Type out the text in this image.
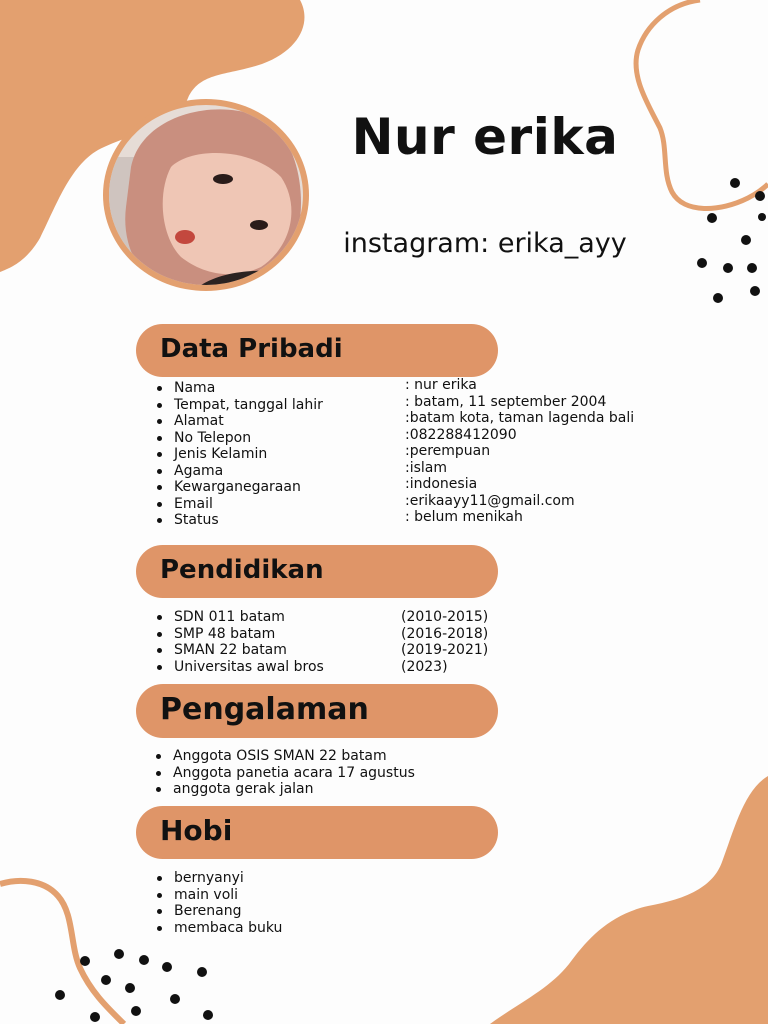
Nur erika
instagram: erika_ayy
Data Pribadi
Nama
Tempat, tanggal lahir
Alamat
No Telepon
Jenis Kelamin
Agama
Kewarganegaraan
Email
Status
: nur erika
: batam, 11 september 2004
:batam kota, taman lagenda bali
:082288412090
:perempuan
:islam
:indonesia
:erikaayy11@gmail.com
: belum menikah
Pendidikan
SDN 011 batam
SMP 48 batam
SMAN 22 batam
Universitas awal bros
(2010-2015)
(2016-2018)
(2019-2021)
(2023)
Pengalaman
Anggota OSIS SMAN 22 batam
Anggota panetia acara 17 agustus
anggota gerak jalan
Hobi
bernyanyi
main voli
Berenang
membaca buku
